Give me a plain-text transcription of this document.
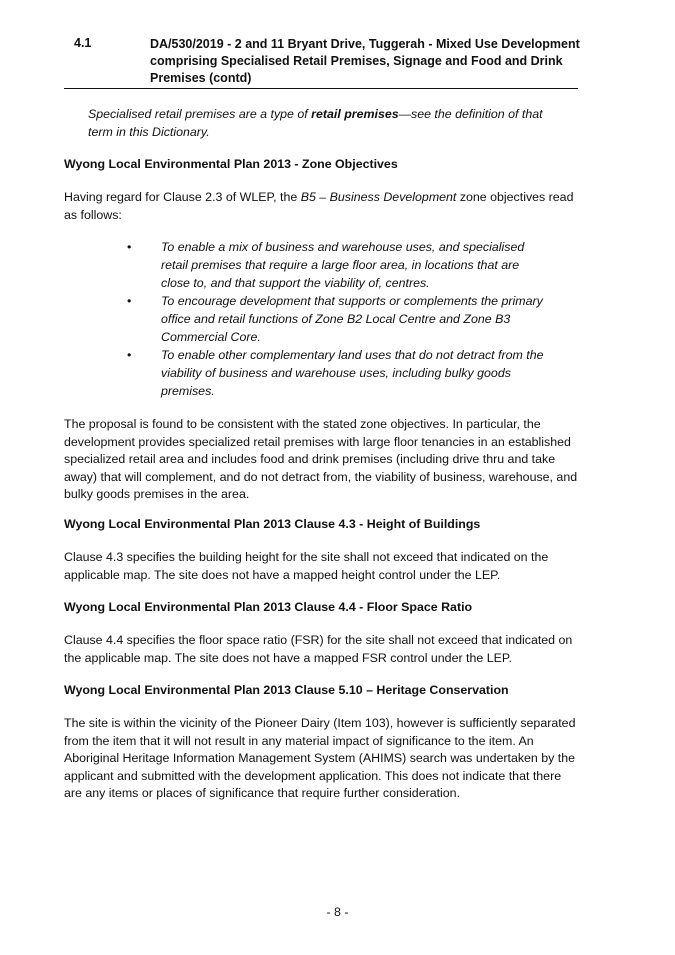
4.1	DA/530/2019 - 2 and 11 Bryant Drive, Tuggerah - Mixed Use Development comprising Specialised Retail Premises, Signage and Food and Drink Premises (contd)
Specialised retail premises are a type of retail premises—see the definition of that term in this Dictionary.
Wyong Local Environmental Plan 2013 - Zone Objectives
Having regard for Clause 2.3 of WLEP, the B5 – Business Development zone objectives read as follows:
• To enable a mix of business and warehouse uses, and specialised retail premises that require a large floor area, in locations that are close to, and that support the viability of, centres.
• To encourage development that supports or complements the primary office and retail functions of Zone B2 Local Centre and Zone B3 Commercial Core.
• To enable other complementary land uses that do not detract from the viability of business and warehouse uses, including bulky goods premises.
The proposal is found to be consistent with the stated zone objectives. In particular, the development provides specialized retail premises with large floor tenancies in an established specialized retail area and includes food and drink premises (including drive thru and take away) that will complement, and do not detract from, the viability of business, warehouse, and bulky goods premises in the area.
Wyong Local Environmental Plan 2013 Clause 4.3 - Height of Buildings
Clause 4.3 specifies the building height for the site shall not exceed that indicated on the applicable map. The site does not have a mapped height control under the LEP.
Wyong Local Environmental Plan 2013 Clause 4.4 - Floor Space Ratio
Clause 4.4 specifies the floor space ratio (FSR) for the site shall not exceed that indicated on the applicable map. The site does not have a mapped FSR control under the LEP.
Wyong Local Environmental Plan 2013 Clause 5.10 – Heritage Conservation
The site is within the vicinity of the Pioneer Dairy (Item 103), however is sufficiently separated from the item that it will not result in any material impact of significance to the item. An Aboriginal Heritage Information Management System (AHIMS) search was undertaken by the applicant and submitted with the development application. This does not indicate that there are any items or places of significance that require further consideration.
- 8 -
